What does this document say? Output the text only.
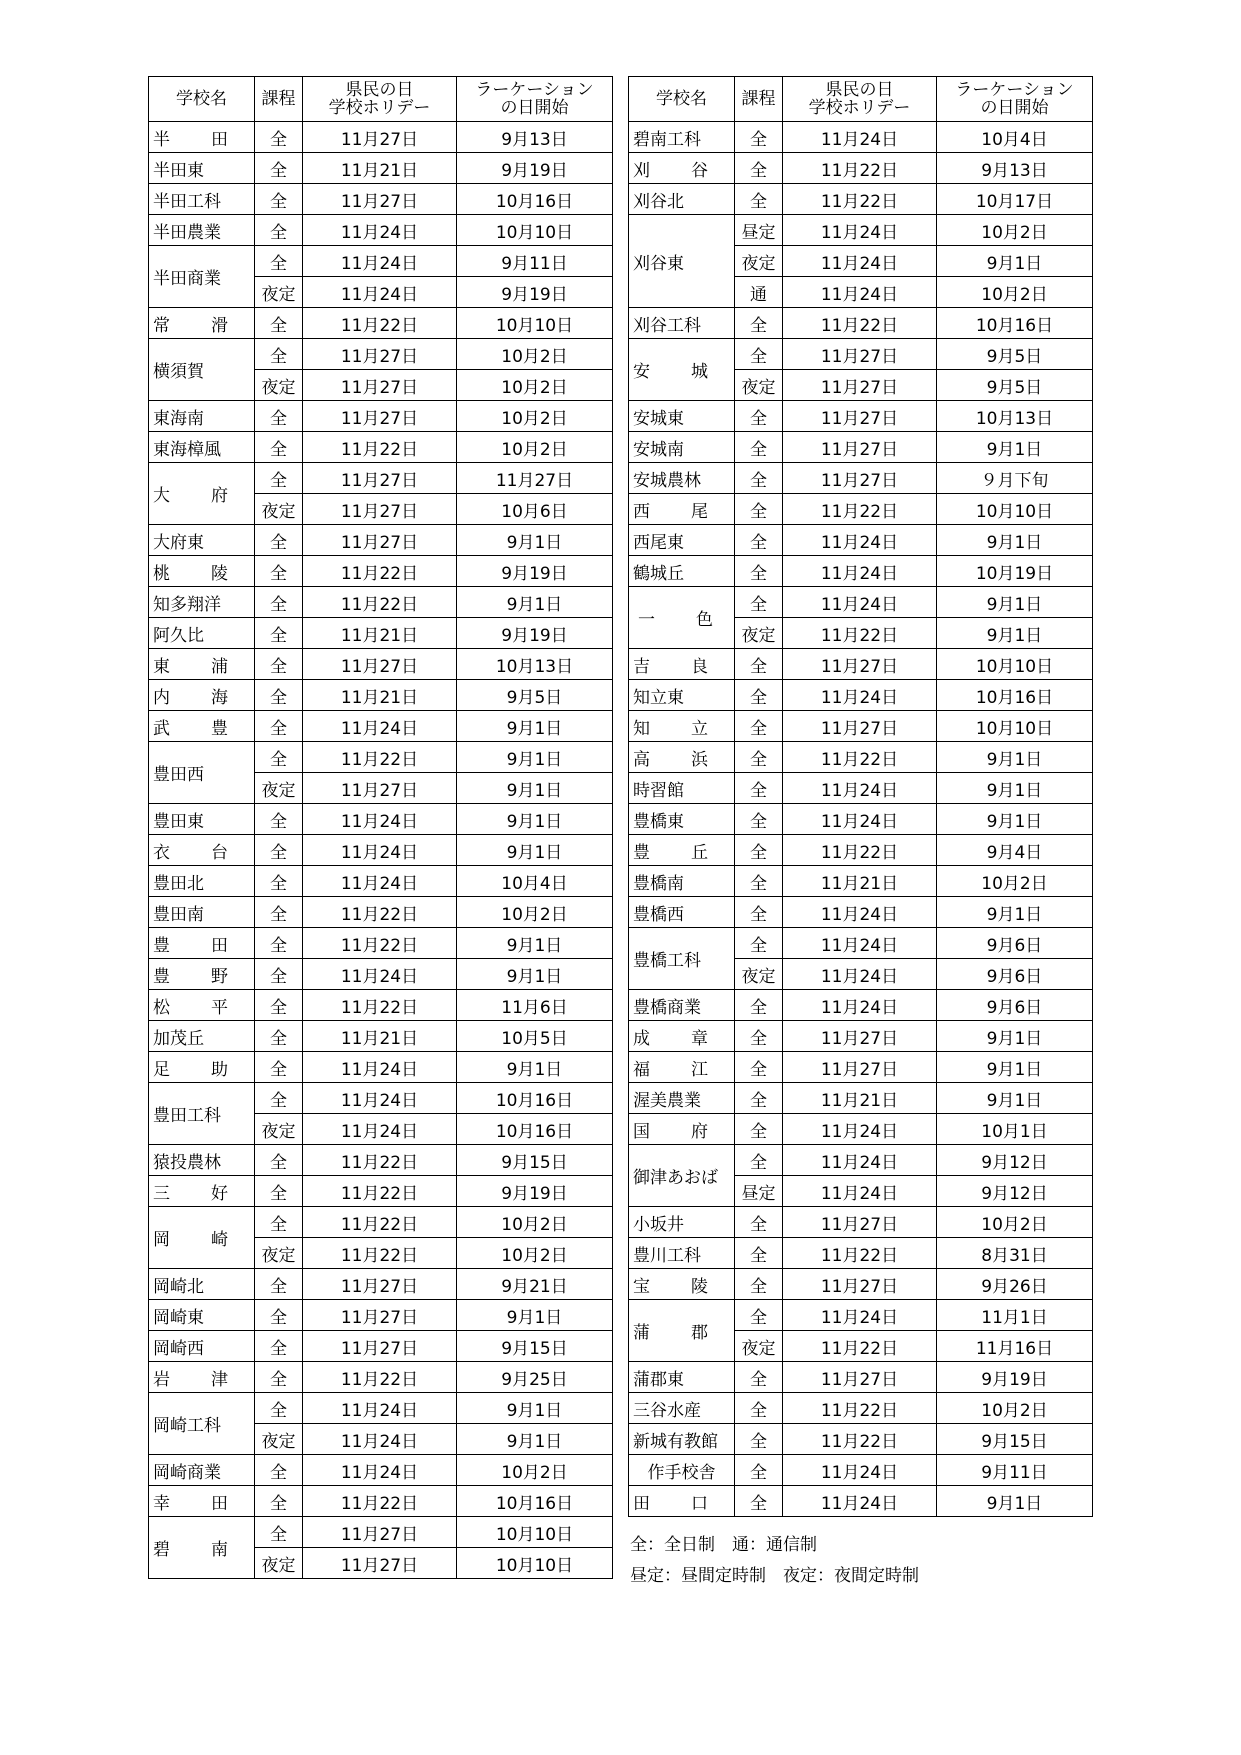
学校名	課程	県民の日
学校ホリデー	ラーケーション
の日開始
半　田	全	11月27日	9月13日
半田東	全	11月21日	9月19日
半田工科	全	11月27日	10月16日
半田農業	全	11月24日	10月10日
半田商業	全	11月24日	9月11日
	夜定	11月24日	9月19日
常　滑	全	11月22日	10月10日
横須賀	全	11月27日	10月2日
	夜定	11月27日	10月2日
東海南	全	11月27日	10月2日
東海樟風	全	11月22日	10月2日
大　府	全	11月27日	11月27日
	夜定	11月27日	10月6日
大府東	全	11月27日	9月1日
桃　陵	全	11月22日	9月19日
知多翔洋	全	11月22日	9月1日
阿久比	全	11月21日	9月19日
東　浦	全	11月27日	10月13日
内　海	全	11月21日	9月5日
武　豊	全	11月24日	9月1日
豊田西	全	11月22日	9月1日
	夜定	11月27日	9月1日
豊田東	全	11月24日	9月1日
衣　台	全	11月24日	9月1日
豊田北	全	11月24日	10月4日
豊田南	全	11月22日	10月2日
豊　田	全	11月22日	9月1日
豊　野	全	11月24日	9月1日
松　平	全	11月22日	11月6日
加茂丘	全	11月21日	10月5日
足　助	全	11月24日	9月1日
豊田工科	全	11月24日	10月16日
	夜定	11月24日	10月16日
猿投農林	全	11月22日	9月15日
三　好	全	11月22日	9月19日
岡　崎	全	11月22日	10月2日
	夜定	11月22日	10月2日
岡崎北	全	11月27日	9月21日
岡崎東	全	11月27日	9月1日
岡崎西	全	11月27日	9月15日
岩　津	全	11月22日	9月25日
岡崎工科	全	11月24日	9月1日
	夜定	11月24日	9月1日
岡崎商業	全	11月24日	10月2日
幸　田	全	11月22日	10月16日
碧　南	全	11月27日	10月10日
	夜定	11月27日	10月10日
学校名	課程	県民の日
学校ホリデー	ラーケーション
の日開始
碧南工科	全	11月24日	10月4日
刈　谷	全	11月22日	9月13日
刈谷北	全	11月22日	10月17日
刈谷東	昼定	11月24日	10月2日
	夜定	11月24日	9月1日
	通	11月24日	10月2日
刈谷工科	全	11月22日	10月16日
安　城	全	11月27日	9月5日
	夜定	11月27日	9月5日
安城東	全	11月27日	10月13日
安城南	全	11月27日	9月1日
安城農林	全	11月27日	９月下旬
西　尾	全	11月22日	10月10日
西尾東	全	11月24日	9月1日
鶴城丘	全	11月24日	10月19日
一　色	全	11月24日	9月1日
	夜定	11月22日	9月1日
吉　良	全	11月27日	10月10日
知立東	全	11月24日	10月16日
知　立	全	11月27日	10月10日
高　浜	全	11月22日	9月1日
時習館	全	11月24日	9月1日
豊橋東	全	11月24日	9月1日
豊　丘	全	11月22日	9月4日
豊橋南	全	11月21日	10月2日
豊橋西	全	11月24日	9月1日
豊橋工科	全	11月24日	9月6日
	夜定	11月24日	9月6日
豊橋商業	全	11月24日	9月6日
成　章	全	11月27日	9月1日
福　江	全	11月27日	9月1日
渥美農業	全	11月21日	9月1日
国　府	全	11月24日	10月1日
御津あおば	全	11月24日	9月12日
	昼定	11月24日	9月12日
小坂井	全	11月27日	10月2日
豊川工科	全	11月22日	8月31日
宝　陵	全	11月27日	9月26日
蒲　郡	全	11月24日	11月1日
	夜定	11月22日	11月16日
蒲郡東	全	11月27日	9月19日
三谷水産	全	11月22日	10月2日
新城有教館	全	11月22日	9月15日
作手校舎	全	11月24日	9月11日
田　口	全	11月24日	9月1日
全：全日制　通：通信制
昼定：昼間定時制　夜定：夜間定時制
